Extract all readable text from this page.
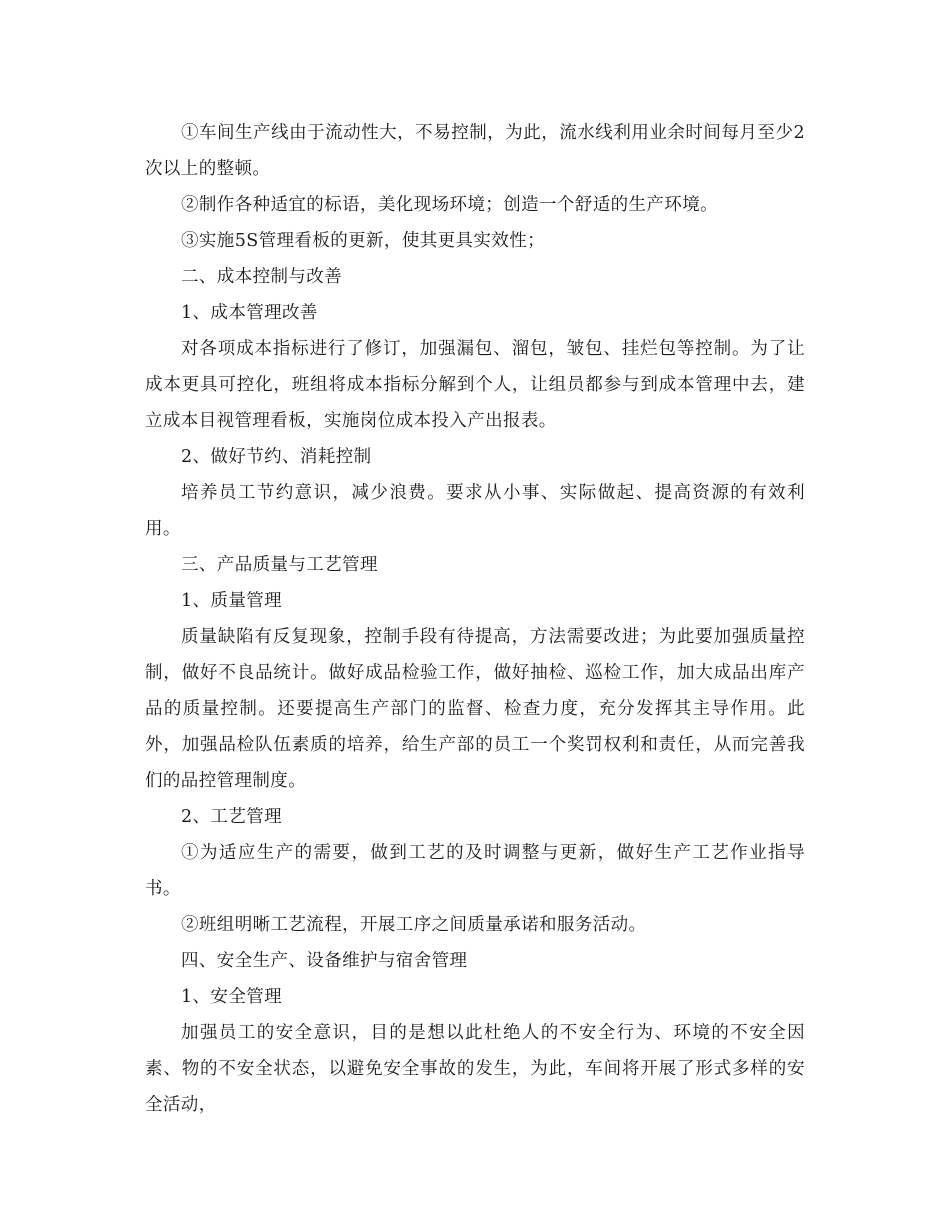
①车间生产线由于流动性大，不易控制，为此，流水线利用业余时间每月至少2次以上的整顿。

②制作各种适宜的标语，美化现场环境；创造一个舒适的生产环境。

③实施5S管理看板的更新，使其更具实效性；

二、成本控制与改善

1、成本管理改善

对各项成本指标进行了修订，加强漏包、溜包，皱包、挂烂包等控制。为了让成本更具可控化，班组将成本指标分解到个人，让组员都参与到成本管理中去，建立成本目视管理看板，实施岗位成本投入产出报表。

2、做好节约、消耗控制

培养员工节约意识，减少浪费。要求从小事、实际做起、提高资源的有效利用。

三、产品质量与工艺管理

1、质量管理

质量缺陷有反复现象，控制手段有待提高，方法需要改进；为此要加强质量控制，做好不良品统计。做好成品检验工作，做好抽检、巡检工作，加大成品出库产品的质量控制。还要提高生产部门的监督、检查力度，充分发挥其主导作用。此外，加强品检队伍素质的培养，给生产部的员工一个奖罚权利和责任，从而完善我们的品控管理制度。

2、工艺管理

①为适应生产的需要，做到工艺的及时调整与更新，做好生产工艺作业指导书。

②班组明晰工艺流程，开展工序之间质量承诺和服务活动。

四、安全生产、设备维护与宿舍管理

1、安全管理

加强员工的安全意识，目的是想以此杜绝人的不安全行为、环境的不安全因素、物的不安全状态，以避免安全事故的发生，为此，车间将开展了形式多样的安全活动，
